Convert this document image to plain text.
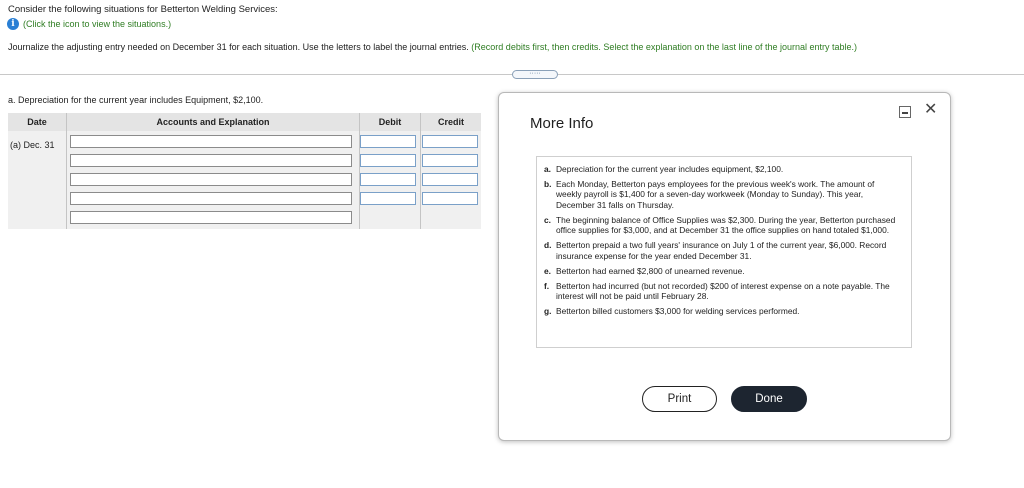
Consider the following situations for Betterton Welding Services:
i (Click the icon to view the situations.)
Journalize the adjusting entry needed on December 31 for each situation. Use the letters to label the journal entries. (Record debits first, then credits. Select the explanation on the last line of the journal entry table.)
·····
a. Depreciation for the current year includes Equipment, $2,100.
Date	Accounts and Explanation	Debit	Credit
(a) Dec. 31
More Info
✕
a. Depreciation for the current year includes equipment, $2,100.
b. Each Monday, Betterton pays employees for the previous week's work. The amount of weekly payroll is $1,400 for a seven-day workweek (Monday to Sunday). This year, December 31 falls on Thursday.
c. The beginning balance of Office Supplies was $2,300. During the year, Betterton purchased office supplies for $3,000, and at December 31 the office supplies on hand totaled $1,000.
d. Betterton prepaid a two full years' insurance on July 1 of the current year, $6,000. Record insurance expense for the year ended December 31.
e. Betterton had earned $2,800 of unearned revenue.
f. Betterton had incurred (but not recorded) $200 of interest expense on a note payable. The interest will not be paid until February 28.
g. Betterton billed customers $3,000 for welding services performed.
Print	Done
